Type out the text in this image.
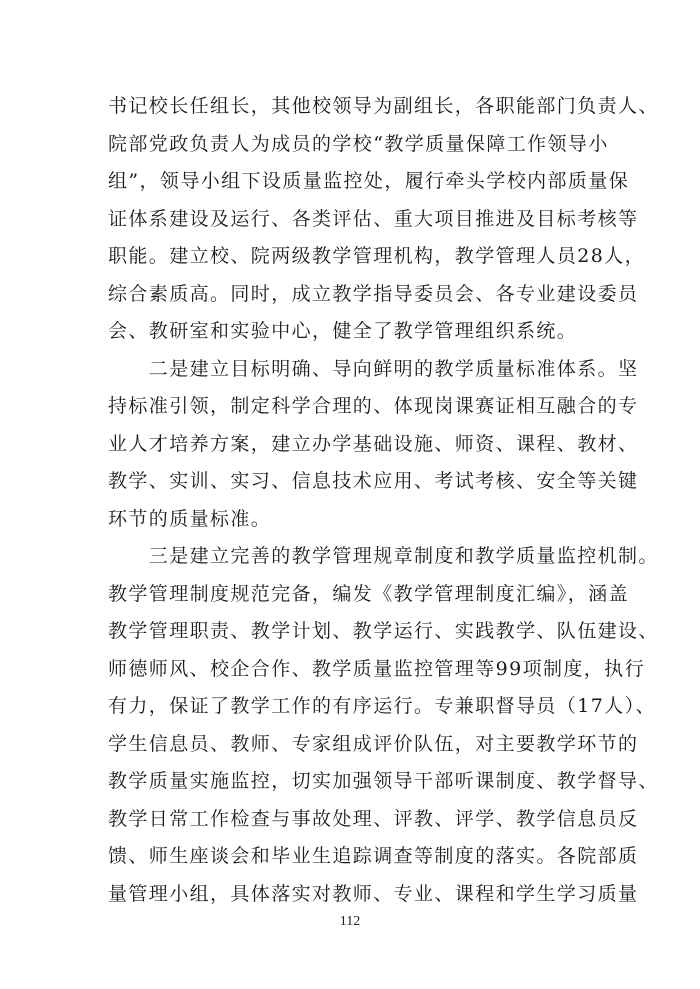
书记校长任组长，其他校领导为副组长，各职能部门负责人、
院部党政负责人为成员的学校“教学质量保障工作领导小
组”，领导小组下设质量监控处，履行牵头学校内部质量保
证体系建设及运行、各类评估、重大项目推进及目标考核等
职能。建立校、院两级教学管理机构，教学管理人员28人，
综合素质高。同时，成立教学指导委员会、各专业建设委员
会、教研室和实验中心，健全了教学管理组织系统。
　　二是建立目标明确、导向鲜明的教学质量标准体系。坚
持标准引领，制定科学合理的、体现岗课赛证相互融合的专
业人才培养方案，建立办学基础设施、师资、课程、教材、
教学、实训、实习、信息技术应用、考试考核、安全等关键
环节的质量标准。
　　三是建立完善的教学管理规章制度和教学质量监控机制。
教学管理制度规范完备，编发《教学管理制度汇编》，涵盖
教学管理职责、教学计划、教学运行、实践教学、队伍建设、
师德师风、校企合作、教学质量监控管理等99项制度，执行
有力，保证了教学工作的有序运行。专兼职督导员（17人）、
学生信息员、教师、专家组成评价队伍，对主要教学环节的
教学质量实施监控，切实加强领导干部听课制度、教学督导、
教学日常工作检查与事故处理、评教、评学、教学信息员反
馈、师生座谈会和毕业生追踪调查等制度的落实。各院部质
量管理小组，具体落实对教师、专业、课程和学生学习质量
112
